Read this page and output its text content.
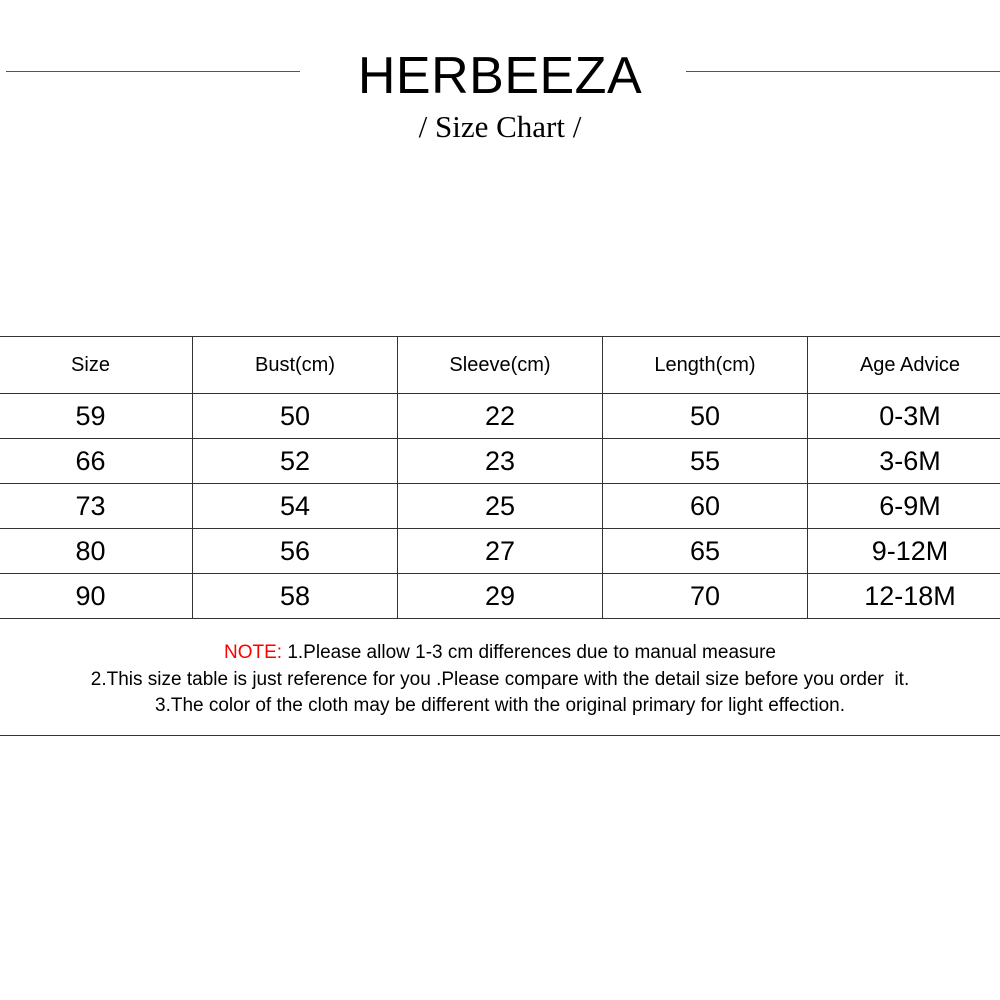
HERBEEZA
/ Size Chart /
Size	Bust(cm)	Sleeve(cm)	Length(cm)	Age Advice
59	50	22	50	0-3M
66	52	23	55	3-6M
73	54	25	60	6-9M
80	56	27	65	9-12M
90	58	29	70	12-18M
NOTE: 1.Please allow 1-3 cm differences due to manual measure
2.This size table is just reference for you .Please compare with the detail size before you order  it.
3.The color of the cloth may be different with the original primary for light effection.
